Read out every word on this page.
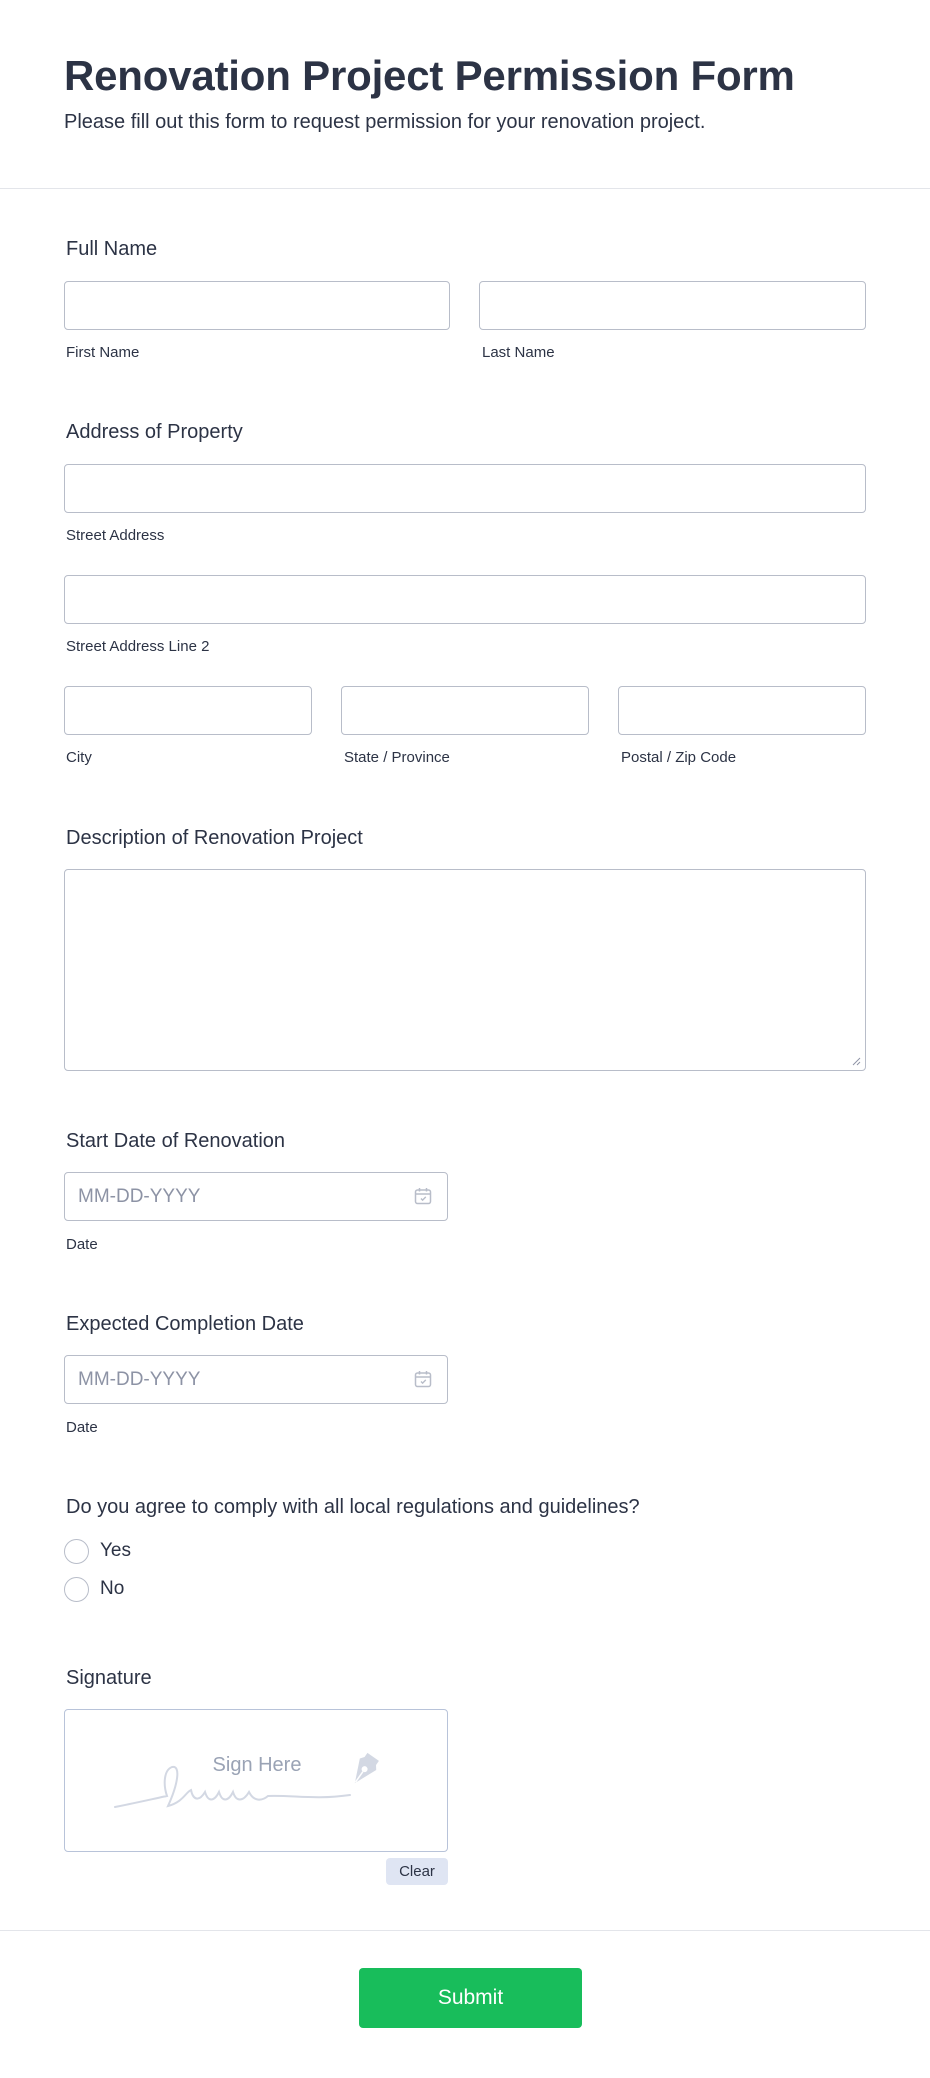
Renovation Project Permission Form

Please fill out this form to request permission for your renovation project.

Full Name
First Name	Last Name
Address of Property
Street Address
Street Address Line 2
City	State / Province	Postal / Zip Code
Description of Renovation Project
Start Date of Renovation
MM-DD-YYYY
Date
Expected Completion Date
MM-DD-YYYY
Date
Do you agree to comply with all local regulations and guidelines?
Yes
No
Signature
Sign Here
Clear
Submit
